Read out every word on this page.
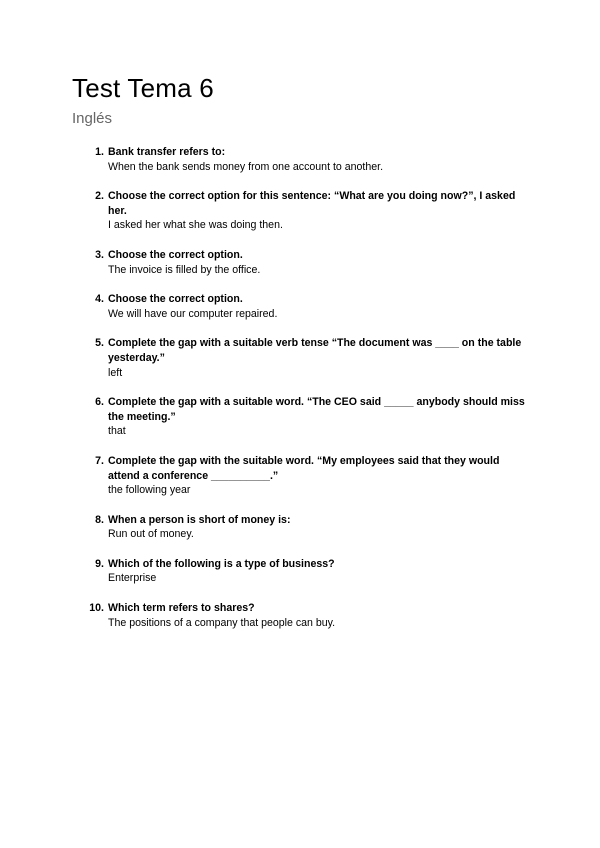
Test Tema 6
Inglés
1. Bank transfer refers to:
When the bank sends money from one account to another.
2. Choose the correct option for this sentence: “What are you doing now?”, I asked her.
I asked her what she was doing then.
3. Choose the correct option.
The invoice is filled by the office.
4. Choose the correct option.
We will have our computer repaired.
5. Complete the gap with a suitable verb tense “The document was ____ on the table yesterday.”
left
6. Complete the gap with a suitable word. “The CEO said _____ anybody should miss the meeting.”
that
7. Complete the gap with the suitable word. “My employees said that they would attend a conference __________.”
the following year
8. When a person is short of money is:
Run out of money.
9. Which of the following is a type of business?
Enterprise
10. Which term refers to shares?
The positions of a company that people can buy.
